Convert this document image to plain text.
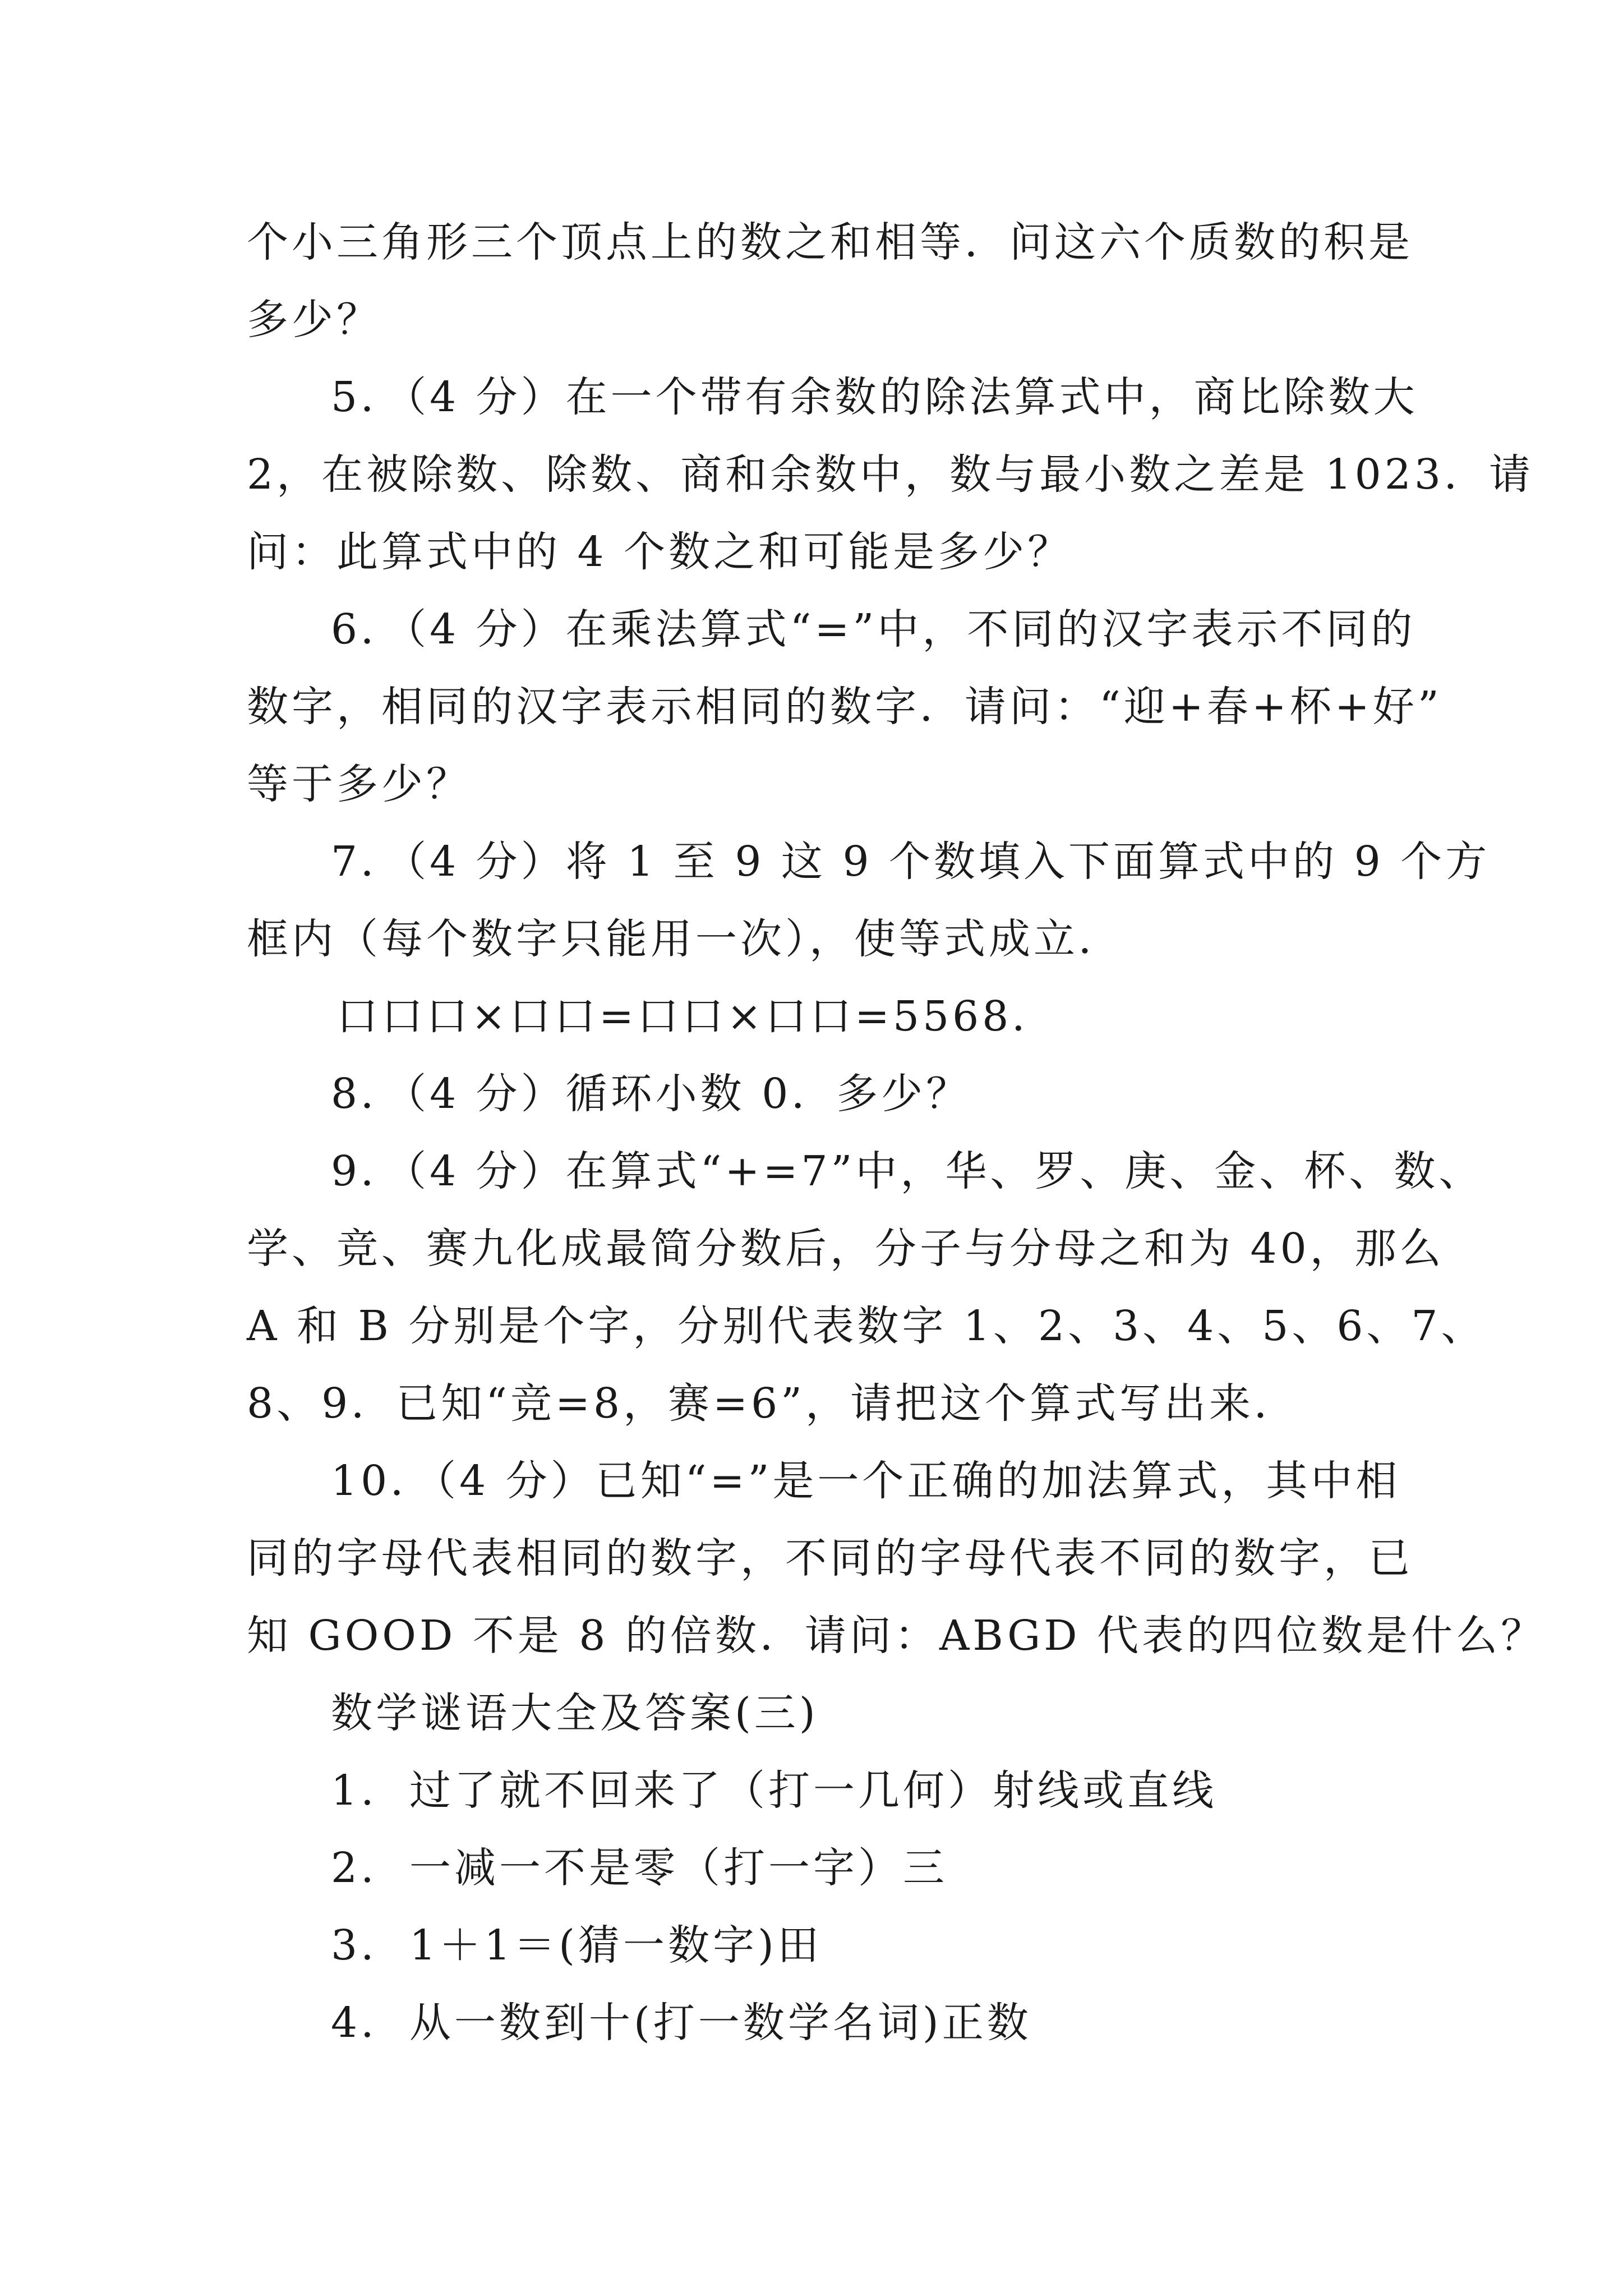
个小三角形三个顶点上的数之和相等．问这六个质数的积是
多少？
5．（4 分）在一个带有余数的除法算式中，商比除数大
2，在被除数、除数、商和余数中，数与最小数之差是 1023．请
问：此算式中的 4 个数之和可能是多少？
6．（4 分）在乘法算式“=”中，不同的汉字表示不同的
数字，相同的汉字表示相同的数字．请问：“迎+春+杯+好”
等于多少？
7．（4 分）将 1 至 9 这 9 个数填入下面算式中的 9 个方
框内（每个数字只能用一次），使等式成立．
口口口×口口=口口×口口=5568．
8．（4 分）循环小数 0．多少？
9．（4 分）在算式“+=7”中，华、罗、庚、金、杯、数、
学、竞、赛九化成最简分数后，分子与分母之和为 40，那么
A 和 B 分别是个字，分别代表数字 1、2、3、4、5、6、7、
8、9．已知“竞=8，赛=6”，请把这个算式写出来．
10．（4 分）已知“=”是一个正确的加法算式，其中相
同的字母代表相同的数字，不同的字母代表不同的数字，已
知 GOOD 不是 8 的倍数．请问：ABGD 代表的四位数是什么？
数学谜语大全及答案(三)
1. 过了就不回来了（打一几何）射线或直线
2. 一减一不是零（打一字）三
3. 1＋1＝(猜一数字)田
4. 从一数到十(打一数学名词)正数
